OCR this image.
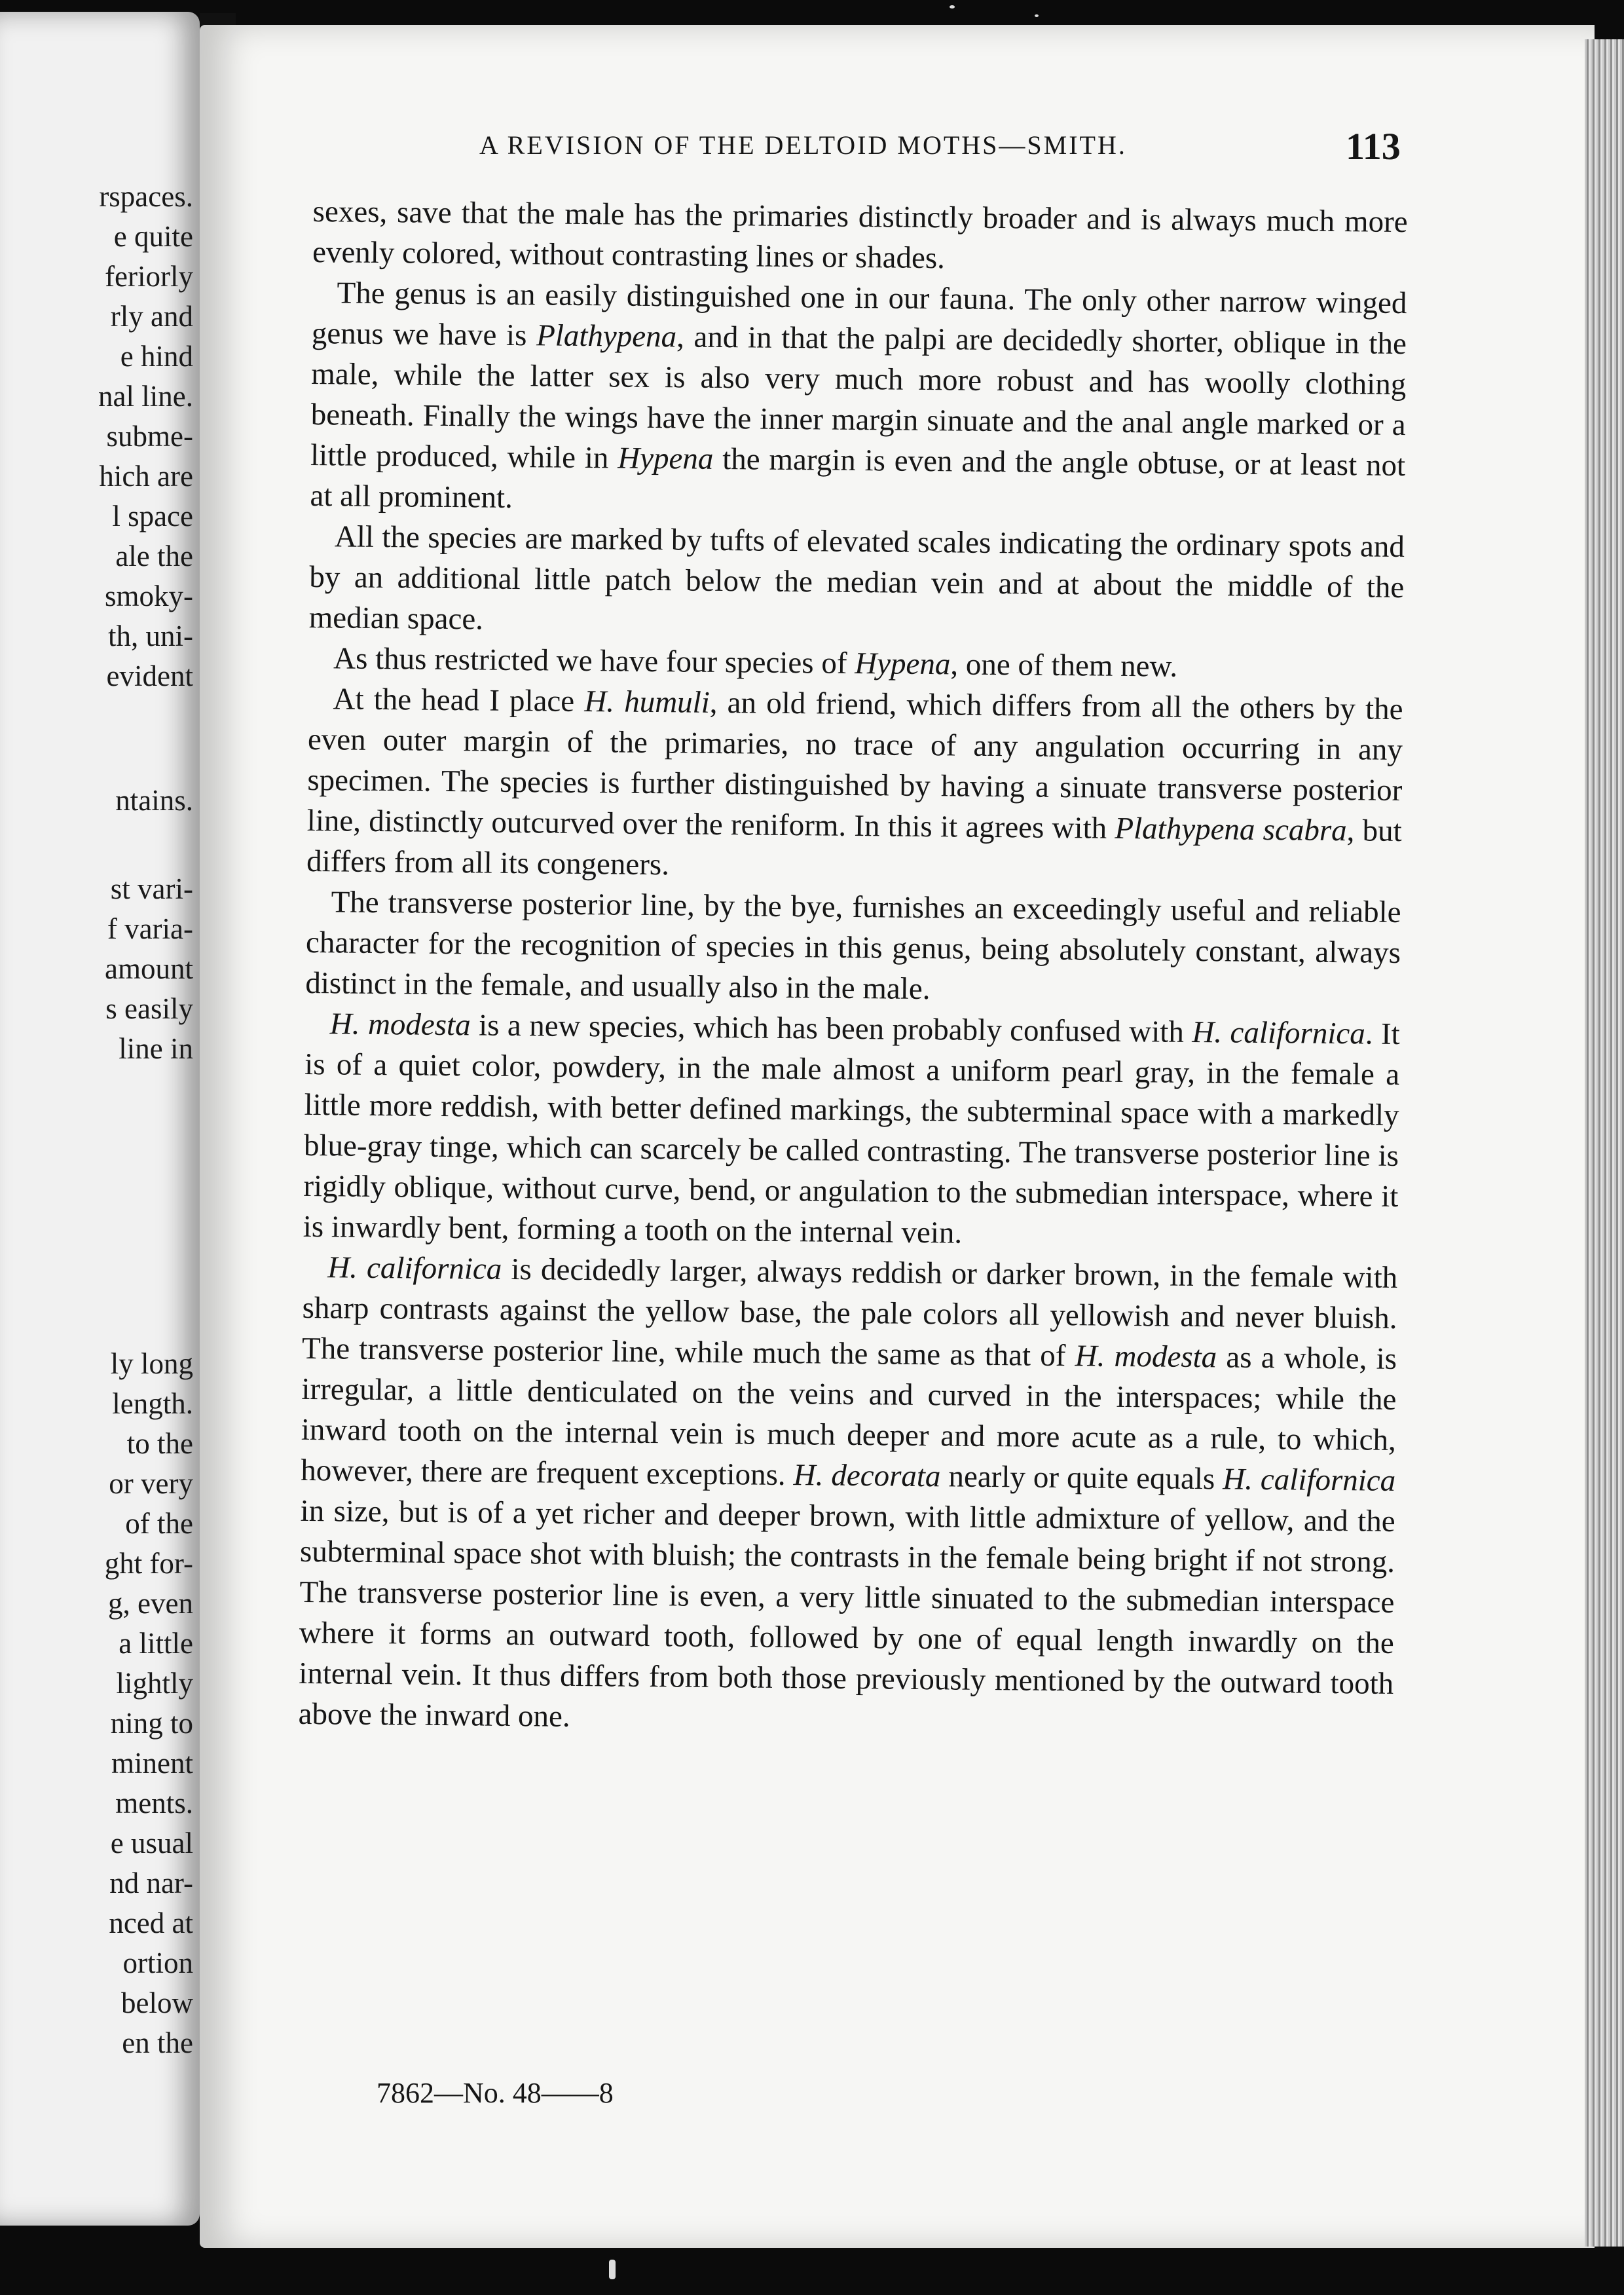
rspaces.
e quite
feriorly
rly and
e hind
nal line.
subme-
hich are
l space
ale the
smoky-
th, uni-
evident
ntains.
st vari-
f varia-
amount
s easily
line in
ly long
length.
to the
or very
of the
ght for-
g, even
a little
lightly
ning to
minent
ments.
e usual
nd nar-
nced at
ortion
below
en the
A REVISION OF THE DELTOID MOTHS—SMITH.	113

sexes, save that the male has the primaries distinctly broader and is always much more evenly colored, without contrasting lines or shades.

The genus is an easily distinguished one in our fauna. The only other narrow winged genus we have is Plathypena, and in that the palpi are decidedly shorter, oblique in the male, while the latter sex is also very much more robust and has woolly clothing beneath. Finally the wings have the inner margin sinuate and the anal angle marked or a little produced, while in Hypena the margin is even and the angle obtuse, or at least not at all prominent.

All the species are marked by tufts of elevated scales indicating the ordinary spots and by an additional little patch below the median vein and at about the middle of the median space.

As thus restricted we have four species of Hypena, one of them new.

At the head I place H. humuli, an old friend, which differs from all the others by the even outer margin of the primaries, no trace of any angulation occurring in any specimen. The species is further distinguished by having a sinuate transverse posterior line, distinctly outcurved over the reniform. In this it agrees with Plathypena scabra, but differs from all its congeners.

The transverse posterior line, by the bye, furnishes an exceedingly useful and reliable character for the recognition of species in this genus, being absolutely constant, always distinct in the female, and usually also in the male.

H. modesta is a new species, which has been probably confused with H. californica. It is of a quiet color, powdery, in the male almost a uniform pearl gray, in the female a little more reddish, with better defined markings, the subterminal space with a markedly blue-gray tinge, which can scarcely be called contrasting. The transverse posterior line is rigidly oblique, without curve, bend, or angulation to the submedian interspace, where it is inwardly bent, forming a tooth on the internal vein.

H. californica is decidedly larger, always reddish or darker brown, in the female with sharp contrasts against the yellow base, the pale colors all yellowish and never bluish. The transverse posterior line, while much the same as that of H. modesta as a whole, is irregular, a little denticulated on the veins and curved in the interspaces; while the inward tooth on the internal vein is much deeper and more acute as a rule, to which, however, there are frequent exceptions. H. decorata nearly or quite equals H. californica in size, but is of a yet richer and deeper brown, with little admixture of yellow, and the subterminal space shot with bluish; the contrasts in the female being bright if not strong. The transverse posterior line is even, a very little sinuated to the submedian interspace where it forms an outward tooth, followed by one of equal length inwardly on the internal vein. It thus differs from both those previously mentioned by the outward tooth above the inward one.

7862—No. 48——8
